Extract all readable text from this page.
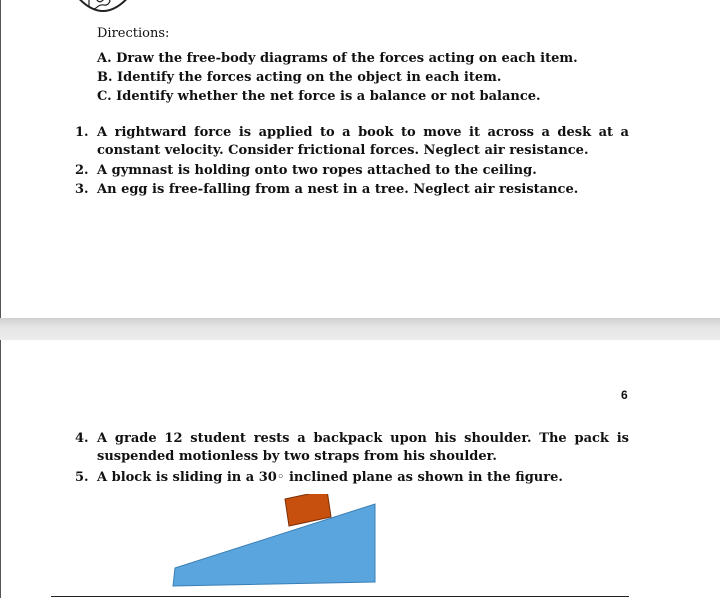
Directions:
A. Draw the free-body diagrams of the forces acting on each item.
B. Identify the forces acting on the object in each item.
C. Identify whether the net force is a balance or not balance.
1. A rightward force is applied to a book to move it across a desk at a constant velocity. Consider frictional forces. Neglect air resistance.
2. A gymnast is holding onto two ropes attached to the ceiling.
3. An egg is free-falling from a nest in a tree. Neglect air resistance.
6
4. A grade 12 student rests a backpack upon his shoulder. The pack is suspended motionless by two straps from his shoulder.
5. A block is sliding in a 30◦ inclined plane as shown in the figure.
